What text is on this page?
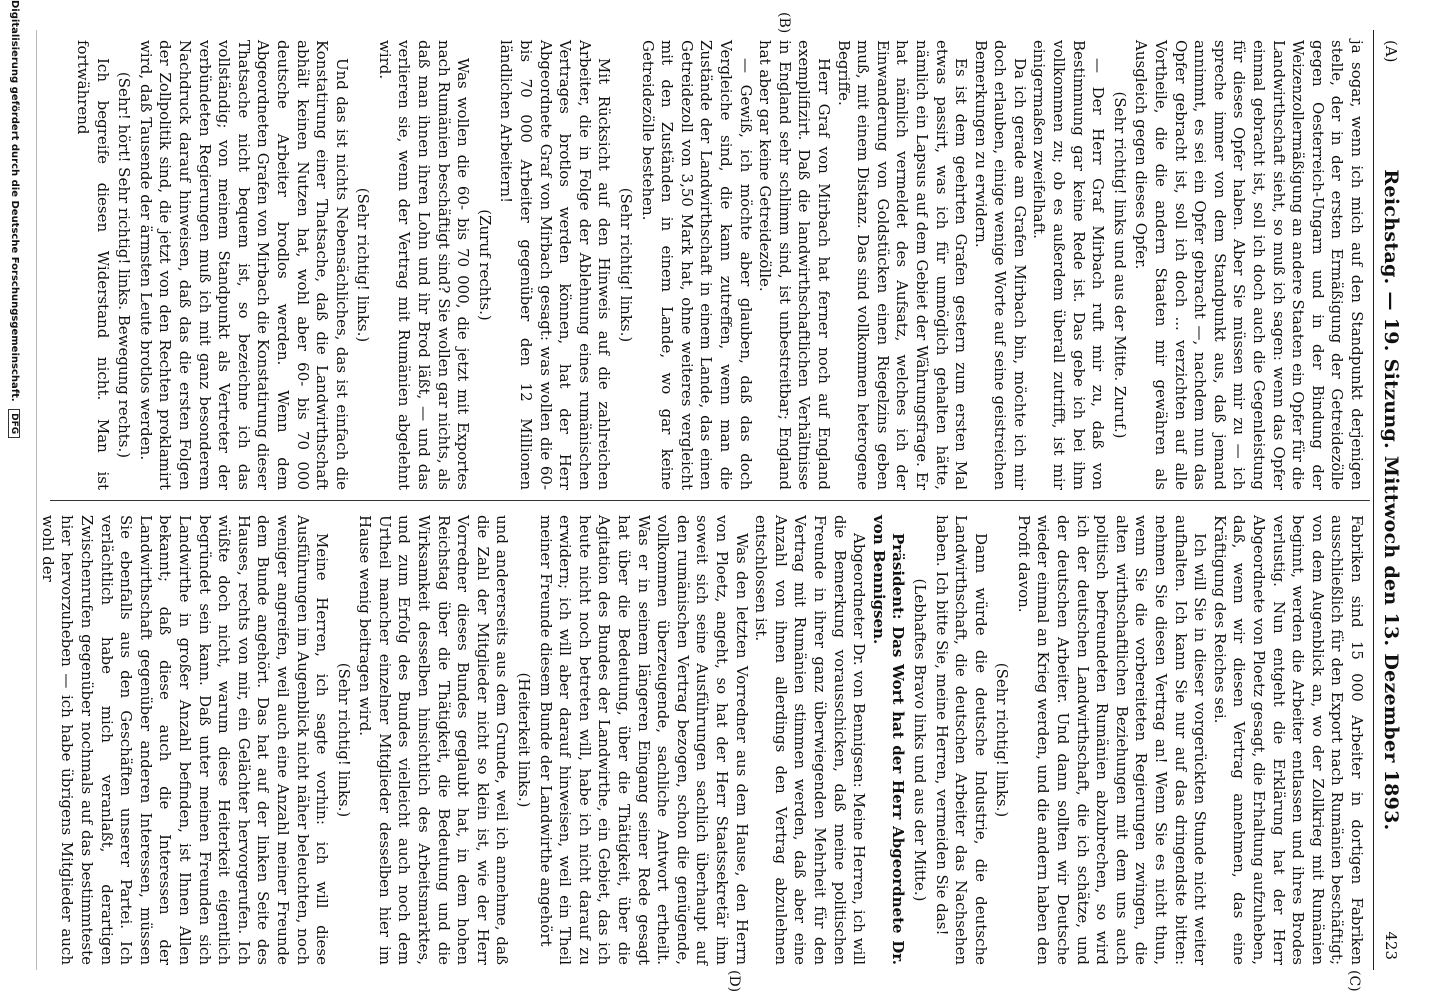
(A)
Reichstag. — 19. Sitzung. Mittwoch den 13. Dezember 1893.
423
(B)
(C)
(D)

ja sogar, wenn ich mich auf den Standpunkt derjenigen stelle, der in der ersten Ermäßigung der Getreidezölle gegen Oesterreich-Ungarn und in der Bindung der Weizenzollermäßigung an andere Staaten ein Opfer für die Landwirthschaft sieht, so muß ich sagen: wenn das Opfer einmal gebracht ist, soll ich doch auch die Gegenleistung für dieses Opfer haben. Aber Sie müssen mir zu — ich spreche immer von dem Standpunkt aus, daß jemand annimmt, es sei ein Opfer gebracht —, nachdem nun das Opfer gebracht ist, soll ich doch ... verzichten auf alle Vortheile, die die andern Staaten mir gewähren als Ausgleich gegen dieses Opfer.

(Sehr richtig! links und aus der Mitte. Zuruf.)

— Der Herr Graf Mirbach ruft mir zu, daß von Bestimmung gar keine Rede ist. Das gebe ich bei ihm vollkommen zu; ob es außerdem überall zutrifft, ist mir einigermaßen zweifelhaft.

Da ich gerade am Grafen Mirbach bin, möchte ich mir doch erlauben, einige wenige Worte auf seine geistreichen Bemerkungen zu erwidern.

Es ist dem geehrten Grafen gestern zum ersten Mal etwas passirt, was ich für unmöglich gehalten hätte, nämlich ein Lapsus auf dem Gebiet der Währungsfrage. Er hat nämlich vermeldet des Aufsatz, welches ich der Einwanderung von Goldstücken einen Riegelzins geben muß, mit einem Distanz. Das sind vollkommen heterogene Begriffe.

Herr Graf von Mirbach hat ferner noch auf England exemplifizirt. Daß die landwirthschaftlichen Verhältnisse in England sehr schlimm sind, ist unbestreitbar; England hat aber gar keine Getreidezölle.

— Gewiß, ich möchte aber glauben, daß das doch Vergleiche sind, die kann zutreffen, wenn man die Zustände der Landwirthschaft in einem Lande, das einen Getreidezoll von 3,50 Mark hat, ohne weiteres vergleicht mit den Zuständen in einem Lande, wo gar keine Getreidezölle bestehen.

(Sehr richtig! links.)

Mit Rücksicht auf den Hinweis auf die zahlreichen Arbeiter, die in Folge der Ablehnung eines rumänischen Vertrages brotlos werden können, hat der Herr Abgeordnete Graf von Mirbach gesagt: was wollen die 60- bis 70 000 Arbeiter gegenüber den 12 Millionen ländlichen Arbeitern!

(Zuruf rechts.)

Was wollen die 60- bis 70 000, die jetzt mit Exportes nach Rumänien beschäftigt sind? Sie wollen gar nichts, als daß man ihnen ihren Lohn und ihr Brod läßt, — und das verlieren sie, wenn der Vertrag mit Rumänien abgelehnt wird.

(Sehr richtig! links.)

Und das ist nichts Nebensächliches, das ist einfach die Konstatirung einer Thatsache, daß die Landwirthschaft abhält keinen Nutzen hat, wohl aber 60- bis 70 000 deutsche Arbeiter brodlos werden. Wenn dem Abgeordneten Grafen von Mirbach die Konstatirung dieser Thatsache nicht bequem ist, so bezeichne ich das vollständig; von meinem Standpunkt als Vertreter der verbündeten Regierungen muß ich mit ganz besonderem Nachdruck darauf hinweisen, daß das die ersten Folgen der Zollpolitik sind, die jetzt von den Rechten proklamirt wird, daß Tausende der ärmsten Leute brotlos werden.

(Sehr! hört! Sehr richtig! links. Bewegung rechts.)

Ich begreife diesen Widerstand nicht. Man ist fortwährend

Fabriken sind 15 000 Arbeiter in dortigen Fabriken ausschließlich für den Export nach Rumänien beschäftigt; von dem Augenblick an, wo der Zollkrieg mit Rumänien beginnt, werden die Arbeiter entlassen und ihres Brodes verlustig. Nun entgeht die Erklärung hat der Herr Abgeordnete von Ploetz gesagt, die Erhaltung aufzuheben, daß, wenn wir diesen Vertrag annehmen, das eine Kräftigung des Reiches sei.

Ich will Sie in dieser vorgerückten Stunde nicht weiter aufhalten. Ich kann Sie nur auf das dringendste bitten: nehmen Sie diesen Vertrag an! Wenn Sie es nicht thun, wenn Sie die vorbereiteten Regierungen zwingen, die alten wirthschaftlichen Beziehungen mit dem uns auch politisch befreundeten Rumänien abzubrechen, so wird ich der deutschen Landwirthschaft, die ich schätze, und der deutschen Arbeiter. Und dann sollten wir Deutsche wieder einmal an Krieg werden, und die andern haben den Profit davon.

(Sehr richtig! links.)

Dann würde die deutsche Industrie, die deutsche Landwirthschaft, die deutschen Arbeiter das Nachsehen haben. Ich bitte Sie, meine Herren, vermeiden Sie das!

(Lebhaftes Bravo links und aus der Mitte.)

Präsident: Das Wort hat der Herr Abgeordnete Dr. von Bennigsen.

Abgeordneter Dr. von Bennigsen: Meine Herren, ich will die Bemerkung vorausschicken, daß meine politischen Freunde in ihrer ganz überwiegenden Mehrheit für den Vertrag mit Rumänien stimmen werden, daß aber eine Anzahl von ihnen allerdings den Vertrag abzulehnen entschlossen ist.

Was den letzten Vorredner aus dem Hause, den Herrn von Ploetz, angeht, so hat der Herr Staatssekretär ihm soweit sich seine Ausführungen sachlich überhaupt auf den rumänischen Vertrag bezogen, schon die genügende, vollkommen überzeugende, sachliche Antwort ertheilt. Was er in seinem längeren Eingang seiner Rede gesagt hat über die Bedeutung, über die Thätigkeit, über die Agitation des Bundes der Landwirthe, ein Gebiet, das ich heute nicht noch betreten will, habe ich nicht darauf zu erwidern; ich will aber darauf hinweisen, weil ein Theil meiner Freunde diesem Bunde der Landwirthe angehört

(Heiterkeit links.)

und andererseits aus dem Grunde, weil ich annehme, daß die Zahl der Mitglieder nicht so klein ist, wie der Herr Vorredner dieses Bundes geglaubt hat, in dem hohen Reichstag über die Thätigkeit, die Bedeutung und die Wirksamkeit desselben hinsichtlich des Arbeitsmarktes, und zum Erfolg des Bundes vielleicht auch noch dem Urtheil mancher einzelner Mitglieder desselben hier im Hause wenig beitragen wird.

(Sehr richtig! links.)

Meine Herren, ich sagte vorhin: ich will diese Ausführungen im Augenblick nicht näher beleuchten, noch weniger angreifen, weil auch eine Anzahl meiner Freunde dem Bunde angehört. Das hat auf der linken Seite des Hauses, rechts von mir, ein Gelächter hervorgerufen. Ich wüßte doch nicht, warum diese Heiterkeit eigentlich begründet sein kann. Daß unter meinen Freunden sich Landwirthe in großer Anzahl befinden, ist Ihnen Allen bekannt; daß diese auch die Interessen der Landwirthschaft gegenüber anderen Interessen, müssen Sie ebenfalls aus den Geschäften unserer Partei. Ich verlächtlich habe mich veranlaßt, derartigen Zwischenrufen gegenüber nochmals auf das bestimmteste hier hervorzuheben — ich habe übrigens Mitglieder auch wohl der

Digitalisierung gefördert durch die Deutsche Forschungsgemeinschaft. DFG
